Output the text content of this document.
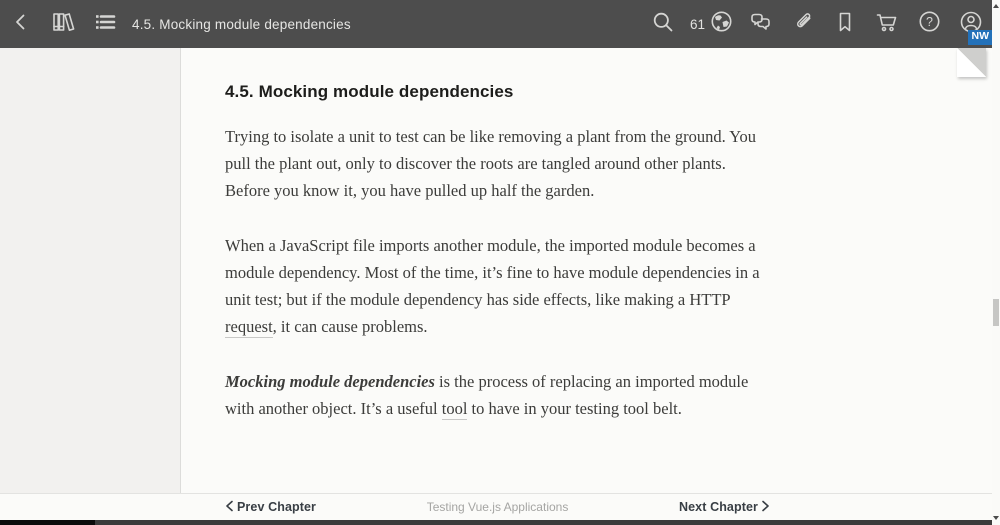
4.5. Mocking module dependencies	61	?
NW
4.5. Mocking module dependencies

Trying to isolate a unit to test can be like removing a plant from the ground. You pull the plant out, only to discover the roots are tangled around other plants. Before you know it, you have pulled up half the garden.

When a JavaScript file imports another module, the imported module becomes a module dependency. Most of the time, it’s fine to have module dependencies in a unit test; but if the module dependency has side effects, like making a HTTP request, it can cause problems.

Mocking module dependencies is the process of replacing an imported module with another object. It’s a useful tool to have in your testing tool belt.

Prev Chapter	Testing Vue.js Applications	Next Chapter
